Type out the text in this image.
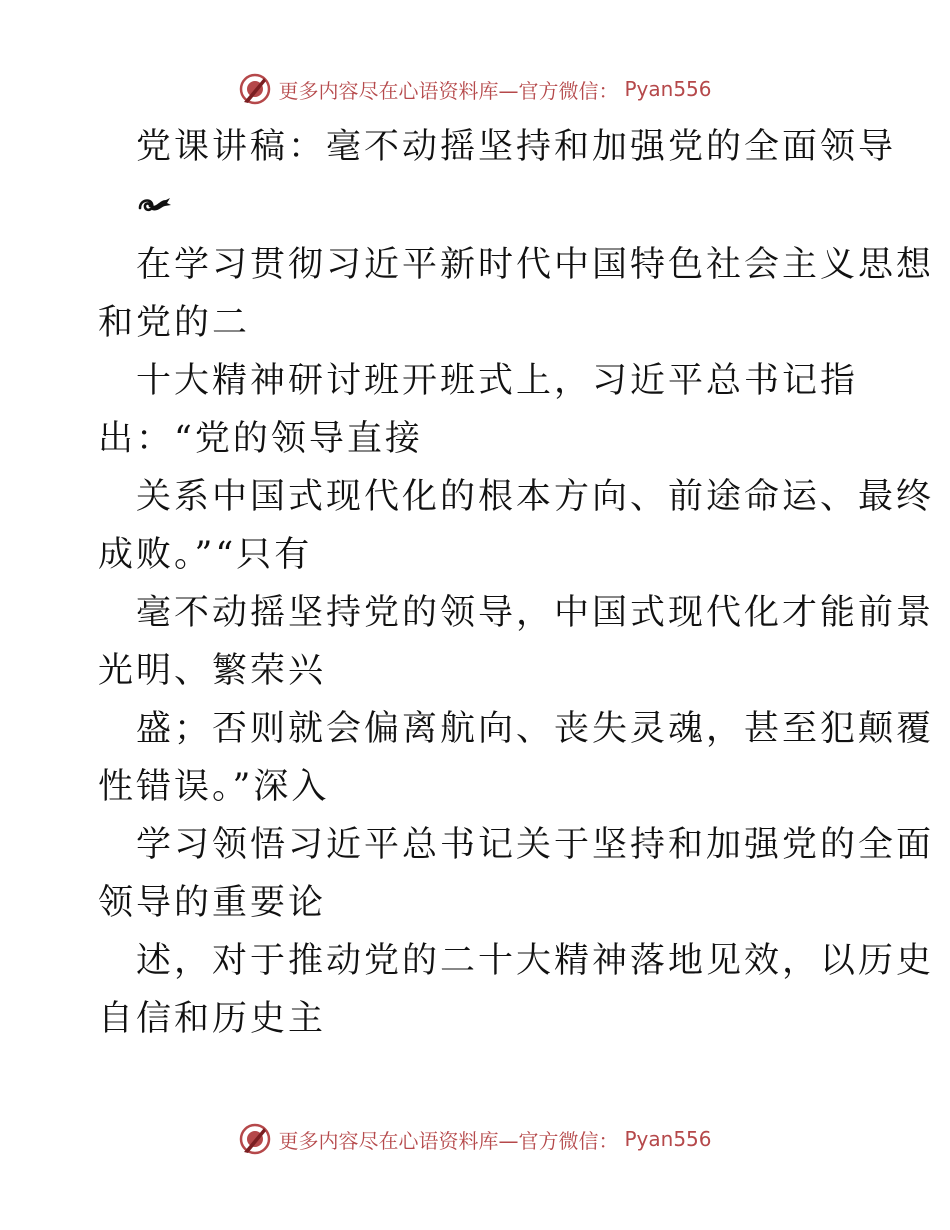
更多内容尽在心语资料库—官方微信： Pyan556
党课讲稿：毫不动摇坚持和加强党的全面领导
在学习贯彻习近平新时代中国特色社会主义思想
和党的二
十大精神研讨班开班式上，习近平总书记指
出：“党的领导直接
关系中国式现代化的根本方向、前途命运、最终
成败。”“只有
毫不动摇坚持党的领导，中国式现代化才能前景
光明、繁荣兴
盛；否则就会偏离航向、丧失灵魂，甚至犯颠覆
性错误。”深入
学习领悟习近平总书记关于坚持和加强党的全面
领导的重要论
述，对于推动党的二十大精神落地见效，以历史
自信和历史主
更多内容尽在心语资料库—官方微信： Pyan556
